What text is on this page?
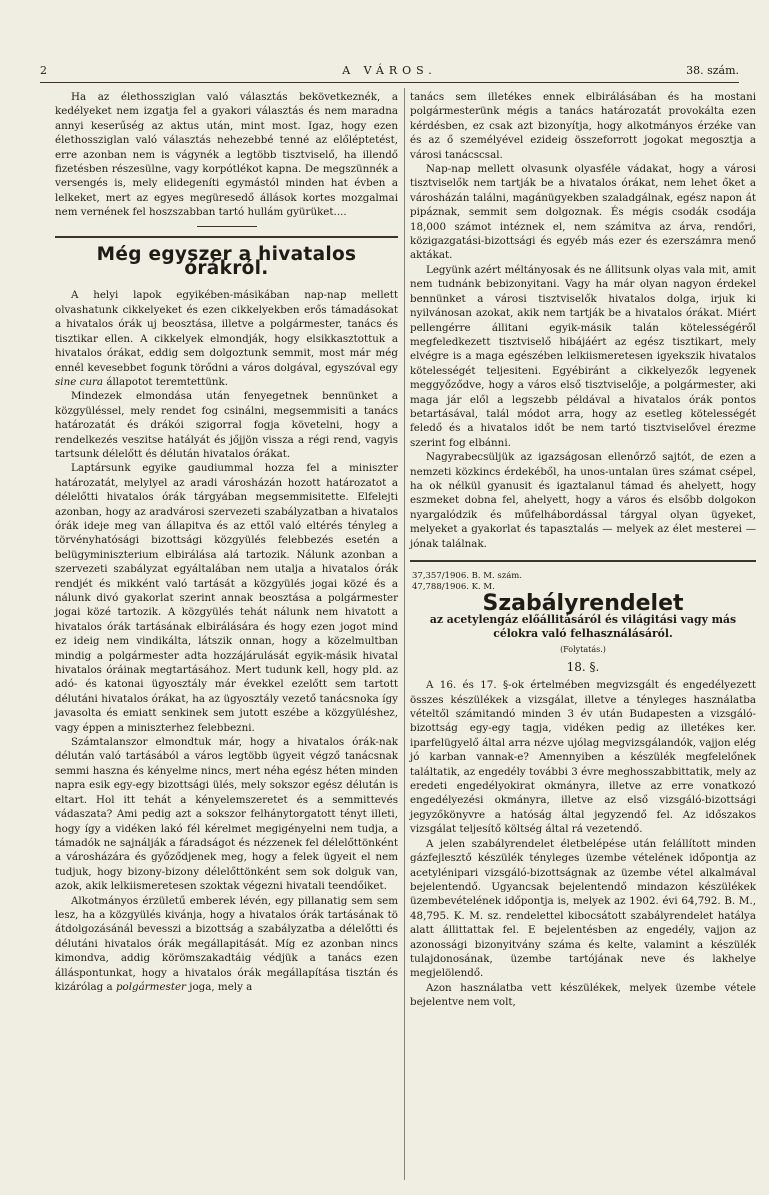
2	A VÁROS.	38. szám.

Ha az élethossziglan való választás bekövetkeznék, a kedélyeket nem izgatja fel a gyakori választás és nem maradna annyi keserűség az aktus után, mint most. Igaz, hogy ezen élethossziglan való választás nehezebbé tenné az előléptetést, erre azonban nem is vágynék a legtöbb tisztviselő, ha illendő fizetésben részesülne, vagy korpótlékot kapna. De megszünnék a versengés is, mely elidegeníti egymástól minden hat évben a lelkeket, mert az egyes megüresedő állások kortes mozgalmai nem vernének fel hoszszabban tartó hullám gyürüket....

Még egyszer a hivatalos órákról.

A helyi lapok egyikében-másikában nap-nap mellett olvashatunk cikkelyeket és ezen cikkelyekben erős támadásokat a hivatalos órák uj beosztása, illetve a polgármester, tanács és tisztikar ellen. A cikkelyek elmondják, hogy elsikkasztottuk a hivatalos órákat, eddig sem dolgoztunk semmit, most már még ennél kevesebbet fogunk törődni a város dolgával, egyszóval egy sine cura állapotot teremtettünk.

Mindezek elmondása után fenyegetnek bennünket a közgyüléssel, mely rendet fog csinálni, megsemmisiti a tanács határozatát és drákói szigorral fogja követelni, hogy a rendelkezés veszitse hatályát és jőjjön vissza a régi rend, vagyis tartsunk délelőtt és délután hivatalos órákat.

Laptársunk egyike gaudiummal hozza fel a miniszter határozatát, melylyel az aradi városházán hozott határozatot a délelőtti hivatalos órák tárgyában megsemmisitette. Elfelejti azonban, hogy az aradvárosi szervezeti szabályzatban a hivatalos órák ideje meg van állapitva és az ettől való eltérés tényleg a törvényhatósági bizottsági közgyülés felebbezés esetén a belügyminiszterium elbirálása alá tartozik. Nálunk azonban a szervezeti szabályzat egyáltalában nem utalja a hivatalos órák rendjét és mikként való tartását a közgyülés jogai közé és a nálunk divó gyakorlat szerint annak beosztása a polgármester jogai közé tartozik. A közgyülés tehát nálunk nem hivatott a hivatalos órák tartásának elbirálására és hogy ezen jogot mind ez ideig nem vindikálta, látszik onnan, hogy a közelmultban mindig a polgármester adta hozzájárulását egyik-másik hivatal hivatalos óráinak megtartásához. Mert tudunk kell, hogy pld. az adó- és katonai ügyosztály már évekkel ezelőtt sem tartott délutáni hivatalos órákat, ha az ügyosztály vezető tanácsnoka így javasolta és emiatt senkinek sem jutott eszébe a közgyüléshez, vagy éppen a miniszterhez felebbezni.

Számtalanszor elmondtuk már, hogy a hivatalos órák-nak délután való tartásából a város legtöbb ügyeit végző tanácsnak semmi haszna és kényelme nincs, mert néha egész héten minden napra esik egy-egy bizottsági ülés, mely sokszor egész délután is eltart. Hol itt tehát a kényelemszeretet és a semmittevés vádaszata? Ami pedig azt a sokszor felhánytorgatott tényt illeti, hogy így a vidéken lakó fél kérelmet megigényelni nem tudja, a támadók ne sajnálják a fáradságot és nézzenek fel délelőttönként a városházára és győződjenek meg, hogy a felek ügyeit el nem tudjuk, hogy bizony-bizony délelőttönként sem sok dolguk van, azok, akik lelkiismeretesen szoktak végezni hivatali teendőiket.

Alkotmányos érzületű emberek lévén, egy pillanatig sem sem lesz, ha a közgyülés kivánja, hogy a hivatalos órák tartásának tö átdolgozásánál bevesszi a bizottság a szabályzatba a délelőtti és délutáni hivatalos órák megállapitását. Míg ez azonban nincs kimondva, addig körömszakadtáig védjük a tanács ezen álláspontunkat, hogy a hivatalos órák megállapítása tisztán és kizárólag a polgármester joga, mely a

tanács sem illetékes ennek elbirálásában és ha mostani polgármesterünk mégis a tanács határozatát provokálta ezen kérdésben, ez csak azt bizonyítja, hogy alkotmányos érzéke van és az ő személyével ezideig összeforrott jogokat megosztja a városi tanácscsal.

Nap-nap mellett olvasunk olyasféle vádakat, hogy a városi tisztviselők nem tartják be a hivatalos órákat, nem lehet őket a városházán találni, magánügyekben szaladgálnak, egész napon át pipáznak, semmit sem dolgoznak. És mégis csodák csodája 18,000 számot intéznek el, nem számitva az árva, rendőri, közigazgatási-bizottsági és egyéb más ezer és ezerszámra menő aktákat.

Legyünk azért méltányosak és ne állitsunk olyas vala mit, amit nem tudnánk bebizonyitani. Vagy ha már olyan nagyon érdekel bennünket a városi tisztviselők hivatalos dolga, irjuk ki nyilvánosan azokat, akik nem tartják be a hivatalos órákat. Miért pellengérre állitani egyik-másik talán kötelességéről megfeledkezett tisztviselő hibájáért az egész tisztikart, mely elvégre is a maga egészében lelkiismeretesen igyekszik hivatalos kötelességét teljesiteni. Egyébiránt a cikkelyezők legyenek meggyőződve, hogy a város első tisztviselője, a polgármester, aki maga jár elől a legszebb példával a hivatalos órák pontos betartásával, talál módot arra, hogy az esetleg kötelességét feledő és a hivatalos időt be nem tartó tisztviselővel érezme szerint fog elbánni.

Nagyrabecsüljük az igazságosan ellenőrző sajtót, de ezen a nemzeti közkincs érdekéből, ha unos-untalan üres számat csépel, ha ok nélkül gyanusit és igaztalanul támad és ahelyett, hogy eszmeket dobna fel, ahelyett, hogy a város és elsőbb dolgokon nyargalódzik és műfelhábordással tárgyal olyan ügyeket, melyeket a gyakorlat és tapasztalás — melyek az élet mesterei — jónak találnak.

37,357/1906. B. M. szám.
47,788/1906. K. M.
Szabályrendelet
az acetylengáz előállitásáról és világitási vagy más célokra való felhasználásáról.
(Folytatás.)
18. §.

A 16. és 17. §-ok értelmében megvizsgált és engedélyezett összes készülékek a vizsgálat, illetve a tényleges használatba vételtől számitandó minden 3 év után Budapesten a vizsgáló-bizottság egy-egy tagja, vidéken pedig az illetékes ker. iparfelügyelő által arra nézve ujólag megvizsgálandók, vajjon elég jó karban vannak-e? Amennyiben a készülék megfelelőnek találtatik, az engedély további 3 évre meghosszabbittatik, mely az eredeti engedélyokirat okmányra, illetve az erre vonatkozó engedélyezési okmányra, illetve az első vizsgáló-bizottsági jegyzőkönyvre a hatóság által jegyzendő fel. Az időszakos vizsgálat teljesítő költség által rá vezetendő.

A jelen szabályrendelet életbelépése után felállított minden gázfejlesztő készülék tényleges üzembe vételének időpontja az acetylénipari vizsgáló-bizottságnak az üzembe vétel alkalmával bejelentendő. Ugyancsak bejelentendő mindazon készülékek üzembevételének időpontja is, melyek az 1902. évi 64,792. B. M., 48,795. K. M. sz. rendelettel kibocsátott szabályrendelet hatálya alatt állittattak fel. E bejelentésben az engedély, vajjon az azonossági bizonyitvány száma és kelte, valamint a készülék tulajdonosának, üzembe tartójának neve és lakhelye megjelölendő.

Azon használatba vett készülékek, melyek üzembe vétele bejelentve nem volt,
